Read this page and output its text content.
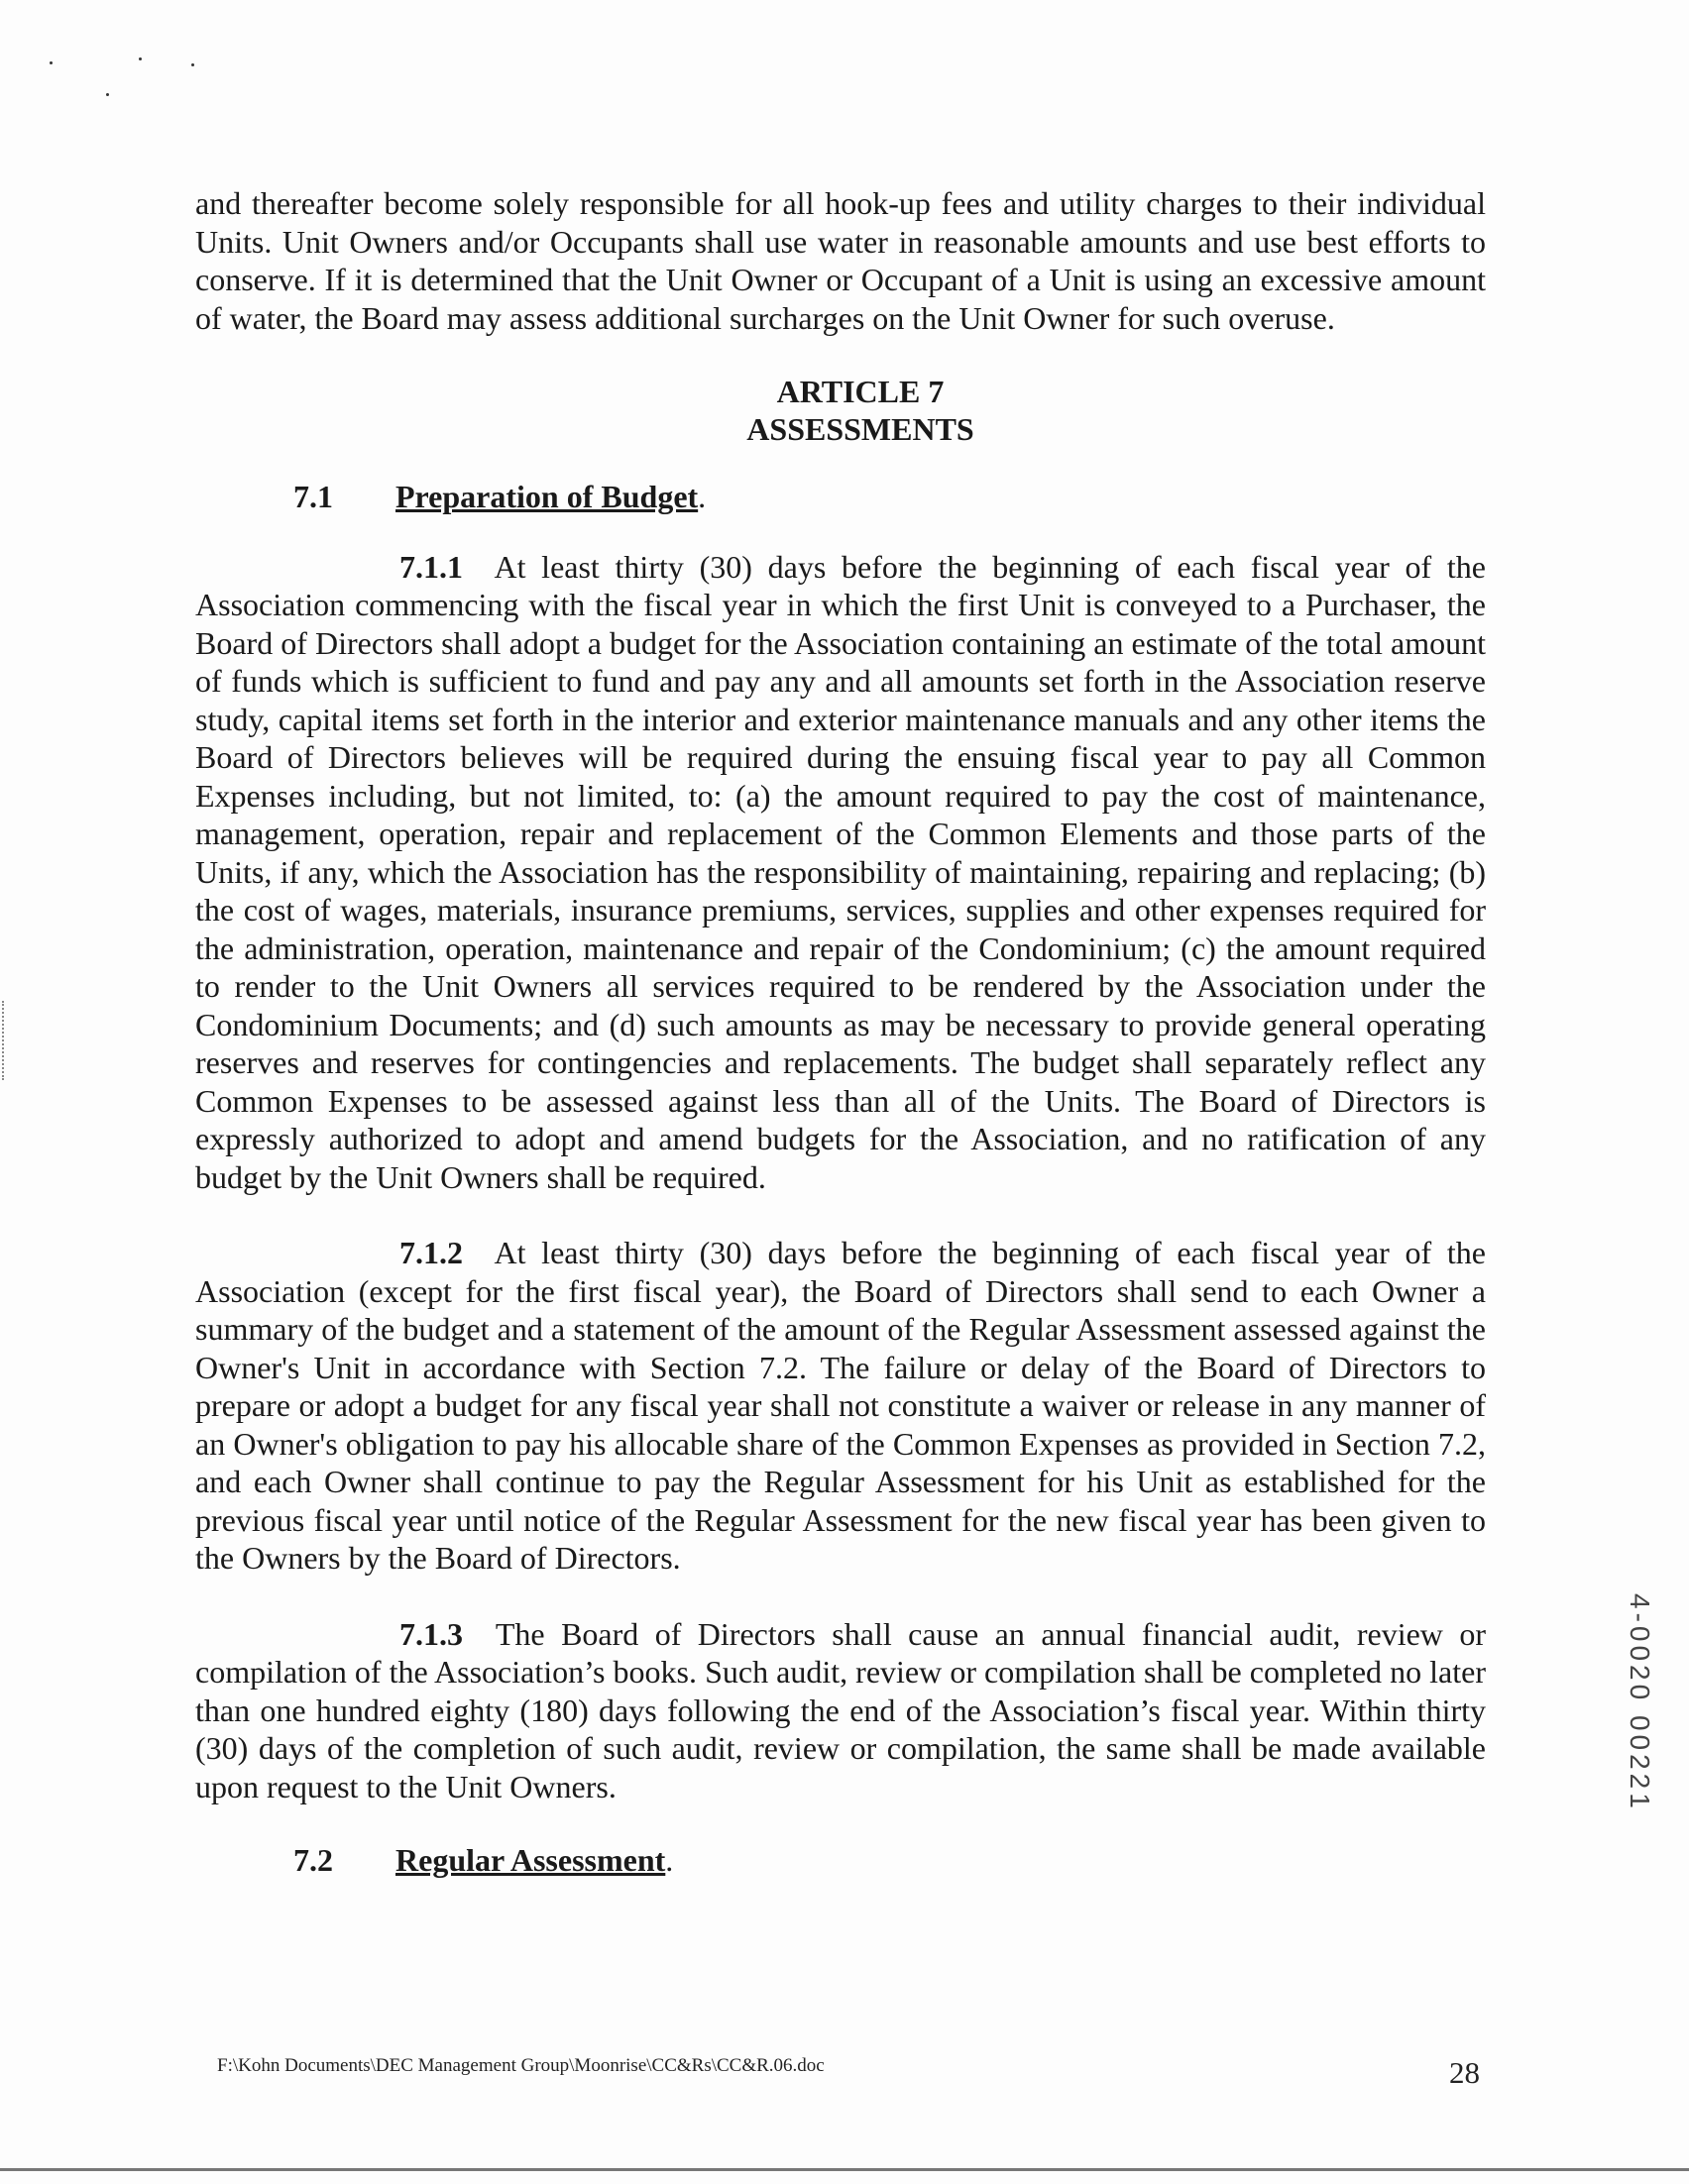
and thereafter become solely responsible for all hook-up fees and utility charges to their individual Units. Unit Owners and/or Occupants shall use water in reasonable amounts and use best efforts to conserve. If it is determined that the Unit Owner or Occupant of a Unit is using an excessive amount of water, the Board may assess additional surcharges on the Unit Owner for such overuse.

ARTICLE 7
ASSESSMENTS
7.1	Preparation of Budget.

7.1.1 At least thirty (30) days before the beginning of each fiscal year of the Association commencing with the fiscal year in which the first Unit is conveyed to a Purchaser, the Board of Directors shall adopt a budget for the Association containing an estimate of the total amount of funds which is sufficient to fund and pay any and all amounts set forth in the Association reserve study, capital items set forth in the interior and exterior maintenance manuals and any other items the Board of Directors believes will be required during the ensuing fiscal year to pay all Common Expenses including, but not limited, to: (a) the amount required to pay the cost of maintenance, management, operation, repair and replacement of the Common Elements and those parts of the Units, if any, which the Association has the responsibility of maintaining, repairing and replacing; (b) the cost of wages, materials, insurance premiums, services, supplies and other expenses required for the administration, operation, maintenance and repair of the Condominium; (c) the amount required to render to the Unit Owners all services required to be rendered by the Association under the Condominium Documents; and (d) such amounts as may be necessary to provide general operating reserves and reserves for contingencies and replacements. The budget shall separately reflect any Common Expenses to be assessed against less than all of the Units. The Board of Directors is expressly authorized to adopt and amend budgets for the Association, and no ratification of any budget by the Unit Owners shall be required.

7.1.2 At least thirty (30) days before the beginning of each fiscal year of the Association (except for the first fiscal year), the Board of Directors shall send to each Owner a summary of the budget and a statement of the amount of the Regular Assessment assessed against the Owner's Unit in accordance with Section 7.2. The failure or delay of the Board of Directors to prepare or adopt a budget for any fiscal year shall not constitute a waiver or release in any manner of an Owner's obligation to pay his allocable share of the Common Expenses as provided in Section 7.2, and each Owner shall continue to pay the Regular Assessment for his Unit as established for the previous fiscal year until notice of the Regular Assessment for the new fiscal year has been given to the Owners by the Board of Directors.

7.1.3 The Board of Directors shall cause an annual financial audit, review or compilation of the Association’s books. Such audit, review or compilation shall be completed no later than one hundred eighty (180) days following the end of the Association’s fiscal year. Within thirty (30) days of the completion of such audit, review or compilation, the same shall be made available upon request to the Unit Owners.

7.2	Regular Assessment.
4-0020 00221
F:\Kohn Documents\DEC Management Group\Moonrise\CC&Rs\CC&R.06.doc	28
